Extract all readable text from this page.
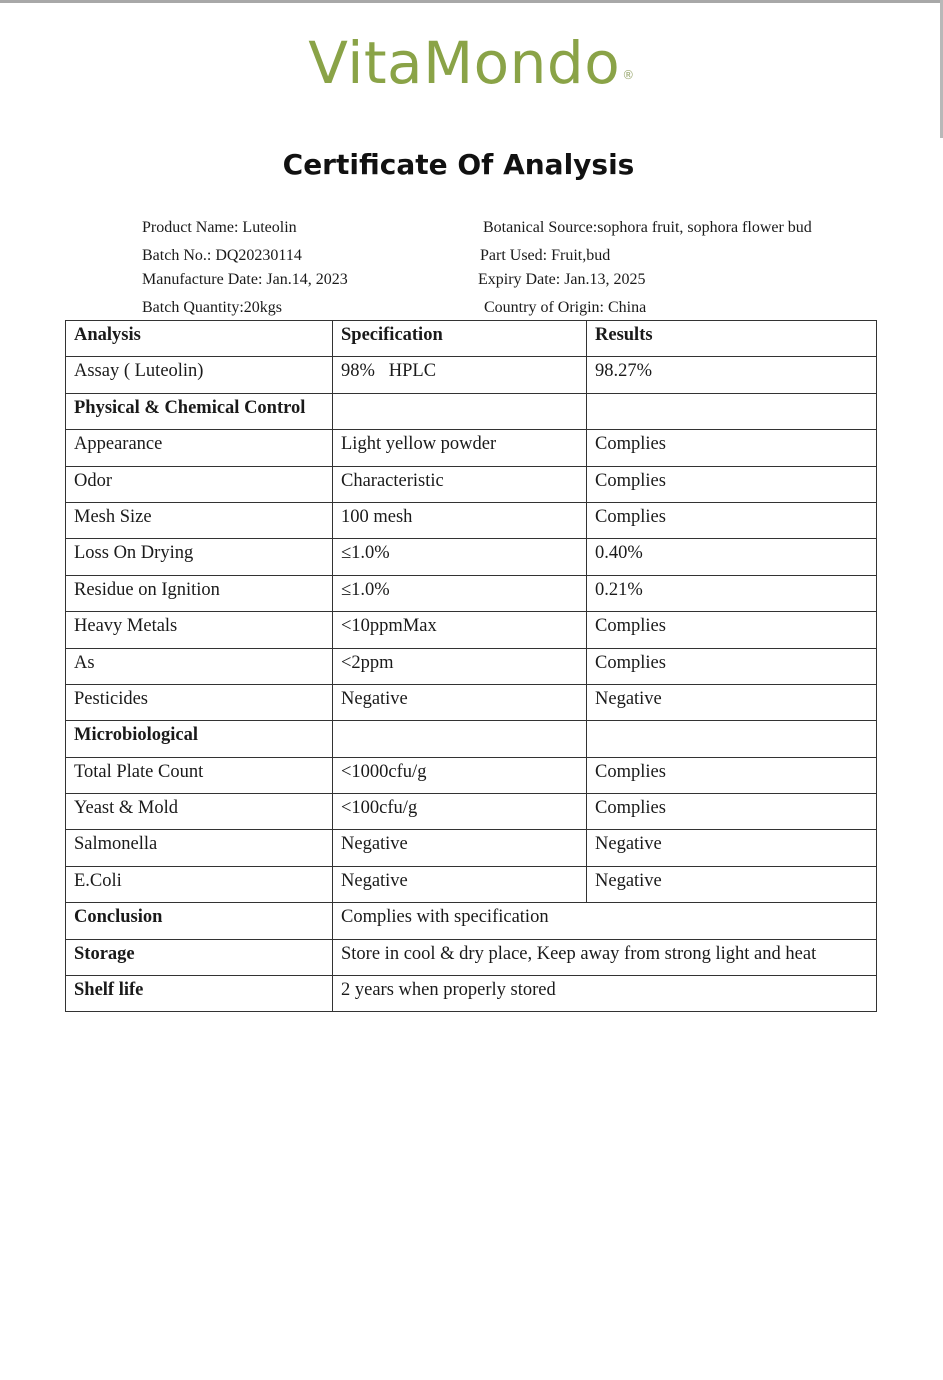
VitaMondo ®
Certificate Of Analysis
Product Name: Luteolin
Batch No.: DQ20230114
Manufacture Date: Jan.14, 2023
Batch Quantity:20kgs
Botanical Source:sophora fruit, sophora flower bud
Part Used: Fruit,bud
Expiry Date: Jan.13, 2025
Country of Origin: China
Analysis	Specification	Results
Assay ( Luteolin)	98%   HPLC	98.27%
Physical & Chemical Control		
Appearance	Light yellow powder	Complies
Odor	Characteristic	Complies
Mesh Size	100 mesh	Complies
Loss On Drying	≤1.0%	0.40%
Residue on Ignition	≤1.0%	0.21%
Heavy Metals	<10ppmMax	Complies
As	<2ppm	Complies
Pesticides	Negative	Negative
Microbiological		
Total Plate Count	<1000cfu/g	Complies
Yeast & Mold	<100cfu/g	Complies
Salmonella	Negative	Negative
E.Coli	Negative	Negative
Conclusion	Complies with specification	
Storage	Store in cool & dry place, Keep away from strong light and heat	
Shelf life	2 years when properly stored	
